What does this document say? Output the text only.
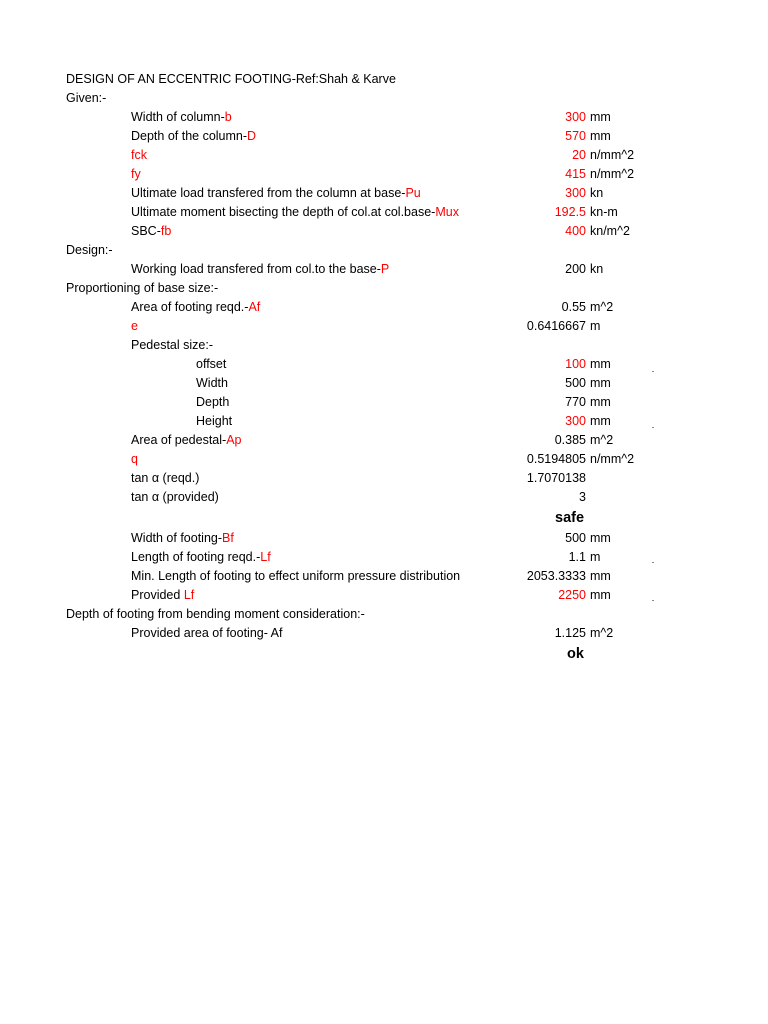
DESIGN OF AN ECCENTRIC FOOTING-Ref:Shah & Karve
Given:-
Width of column-b	300 mm
Depth of the column-D	570 mm
fck	20 n/mm^2
fy	415 n/mm^2
Ultimate load transfered from the column at base-Pu	300 kn
Ultimate moment bisecting the depth of col.at col.base-Mux	192.5 kn-m
SBC-fb	400 kn/m^2
Design:-
Working load transfered from col.to the base-P	200 kn
Proportioning of base size:-
Area of footing reqd.-Af	0.55 m^2
e	0.6416667 m
Pedestal size:-
offset	100 mm
Width	500 mm
Depth	770 mm
Height	300 mm
Area of pedestal-Ap	0.385 m^2
q	0.5194805 n/mm^2
tan α (reqd.)	1.7070138
tan α (provided)	3
safe
Width of footing-Bf	500 mm
Length of footing reqd.-Lf	1.1 m
Min. Length of footing to effect uniform pressure distribution	2053.3333 mm
Provided Lf	2250 mm
Depth of footing from bending moment consideration:-
Provided area of footing- Af	1.125 m^2
ok
